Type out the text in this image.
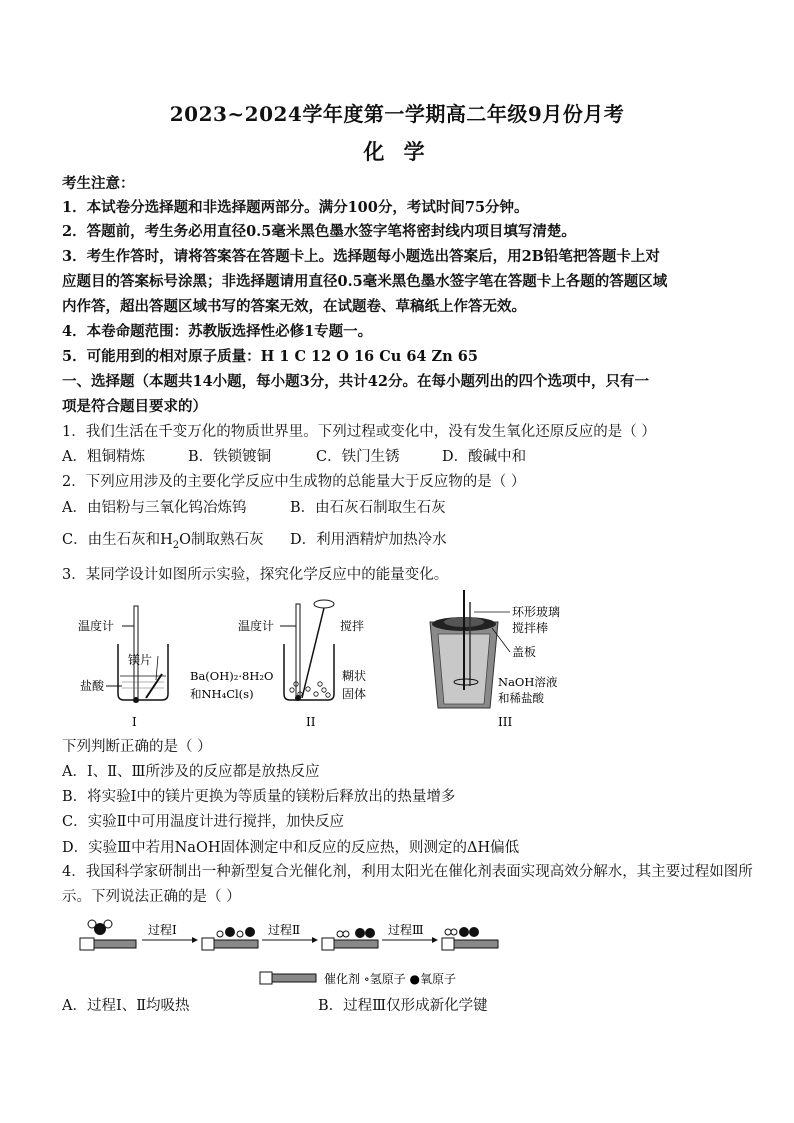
2023~2024学年度第一学期高二年级9月份月考
化 学
考生注意：
1．本试卷分选择题和非选择题两部分。满分100分，考试时间75分钟。
2．答题前，考生务必用直径0.5毫米黑色墨水签字笔将密封线内项目填写清楚。
3．考生作答时，请将答案答在答题卡上。选择题每小题选出答案后，用2B铅笔把答题卡上对
应题目的答案标号涂黑；非选择题请用直径0.5毫米黑色墨水签字笔在答题卡上各题的答题区域
内作答，超出答题区域书写的答案无效，在试题卷、草稿纸上作答无效。
4．本卷命题范围：苏教版选择性必修1专题一。
5．可能用到的相对原子质量：H 1 C 12 O 16 Cu 64 Zn 65
一、选择题（本题共14小题，每小题3分，共计42分。在每小题列出的四个选项中，只有一
项是符合题目要求的）
1．我们生活在千变万化的物质世界里。下列过程或变化中，没有发生氧化还原反应的是（ ）
A．粗铜精炼	B．铁锁镀铜	C．铁门生锈	D．酸碱中和
2．下列应用涉及的主要化学反应中生成物的总能量大于反应物的是（ ）
A．由铝粉与三氧化钨冶炼钨	B．由石灰石制取生石灰
C．由生石灰和$H_2O$制取熟石灰 D．利用酒精炉加热冷水
3．某同学设计如图所示实验，探究化学反应中的能量变化。
温度计
镁片
盐酸
I
温度计	搅拌
Ba(OH)₂·8H₂O
和NH₄Cl(s)
糊状
固体
II
环形玻璃
搅拌棒
盖板
NaOH溶液
和稀盐酸
III
下列判断正确的是（ ）
A．I、Ⅱ、Ⅲ所涉及的反应都是放热反应
B．将实验I中的镁片更换为等质量的镁粉后释放出的热量增多
C．实验Ⅱ中可用温度计进行搅拌，加快反应
D．实验Ⅲ中若用NaOH固体测定中和反应的反应热，则测定的ΔH偏低
4．我国科学家研制出一种新型复合光催化剂，利用太阳光在催化剂表面实现高效分解水，其主要过程如图所
示。下列说法正确的是（ ）
过程Ⅰ	过程Ⅱ	过程Ⅲ
催化剂 ∘氢原子 ●氧原子
A．过程Ⅰ、Ⅱ均吸热	B．过程Ⅲ仅形成新化学键
